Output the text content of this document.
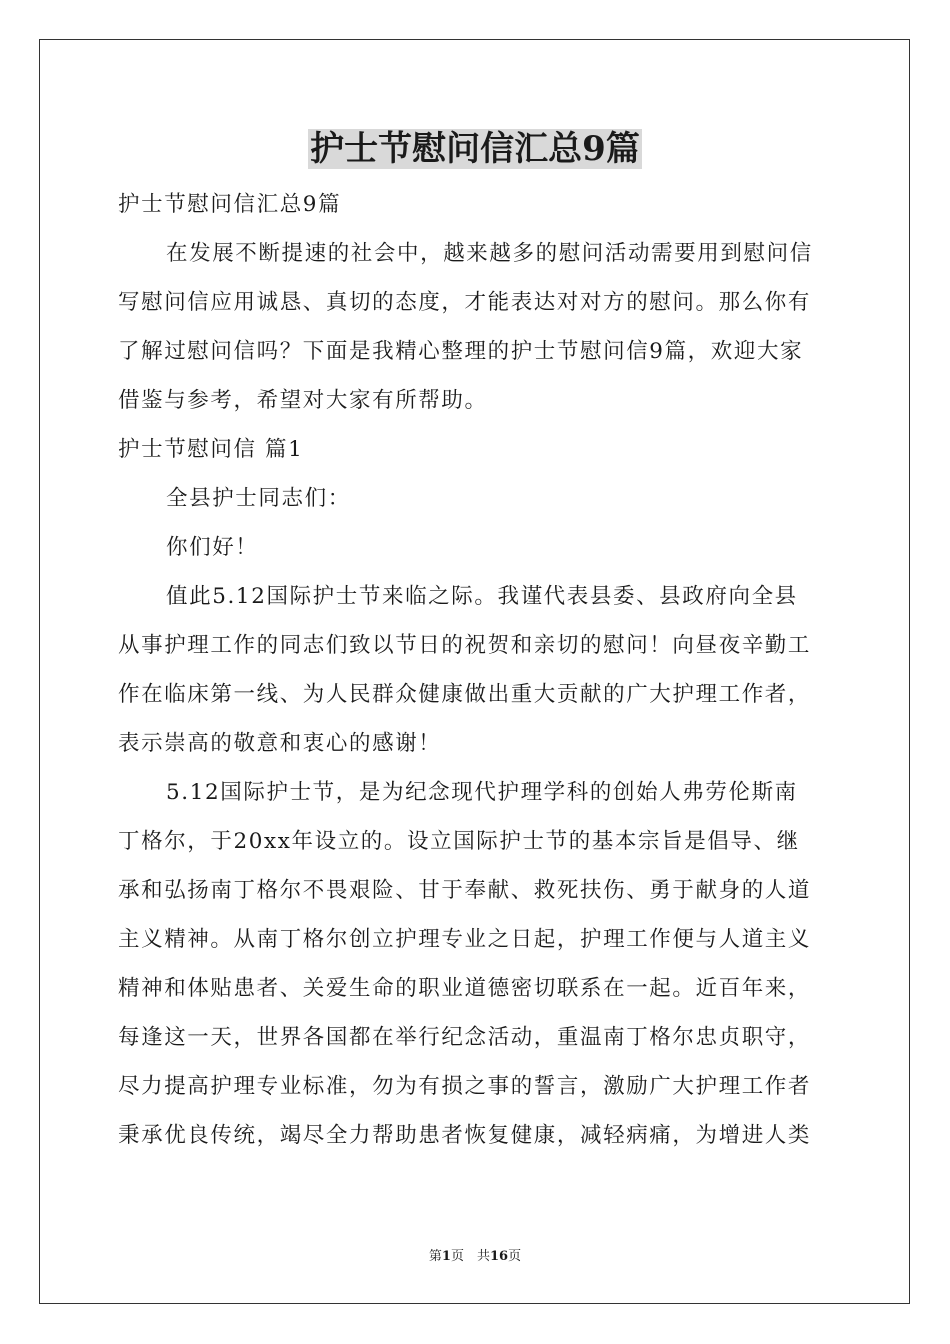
护士节慰问信汇总9篇
护士节慰问信汇总9篇
在发展不断提速的社会中，越来越多的慰问活动需要用到慰问信
写慰问信应用诚恳、真切的态度，才能表达对对方的慰问。那么你有
了解过慰问信吗？下面是我精心整理的护士节慰问信9篇，欢迎大家
借鉴与参考，希望对大家有所帮助。
护士节慰问信 篇1
全县护士同志们：
你们好！
值此5.12国际护士节来临之际。我谨代表县委、县政府向全县
从事护理工作的同志们致以节日的祝贺和亲切的慰问！向昼夜辛勤工
作在临床第一线、为人民群众健康做出重大贡献的广大护理工作者，
表示崇高的敬意和衷心的感谢！
5.12国际护士节，是为纪念现代护理学科的创始人弗劳伦斯南
丁格尔，于20xx年设立的。设立国际护士节的基本宗旨是倡导、继
承和弘扬南丁格尔不畏艰险、甘于奉献、救死扶伤、勇于献身的人道
主义精神。从南丁格尔创立护理专业之日起，护理工作便与人道主义
精神和体贴患者、关爱生命的职业道德密切联系在一起。近百年来，
每逢这一天，世界各国都在举行纪念活动，重温南丁格尔忠贞职守，
尽力提高护理专业标准，勿为有损之事的誓言，激励广大护理工作者
秉承优良传统，竭尽全力帮助患者恢复健康，减轻病痛，为增进人类
第1页　共16页
